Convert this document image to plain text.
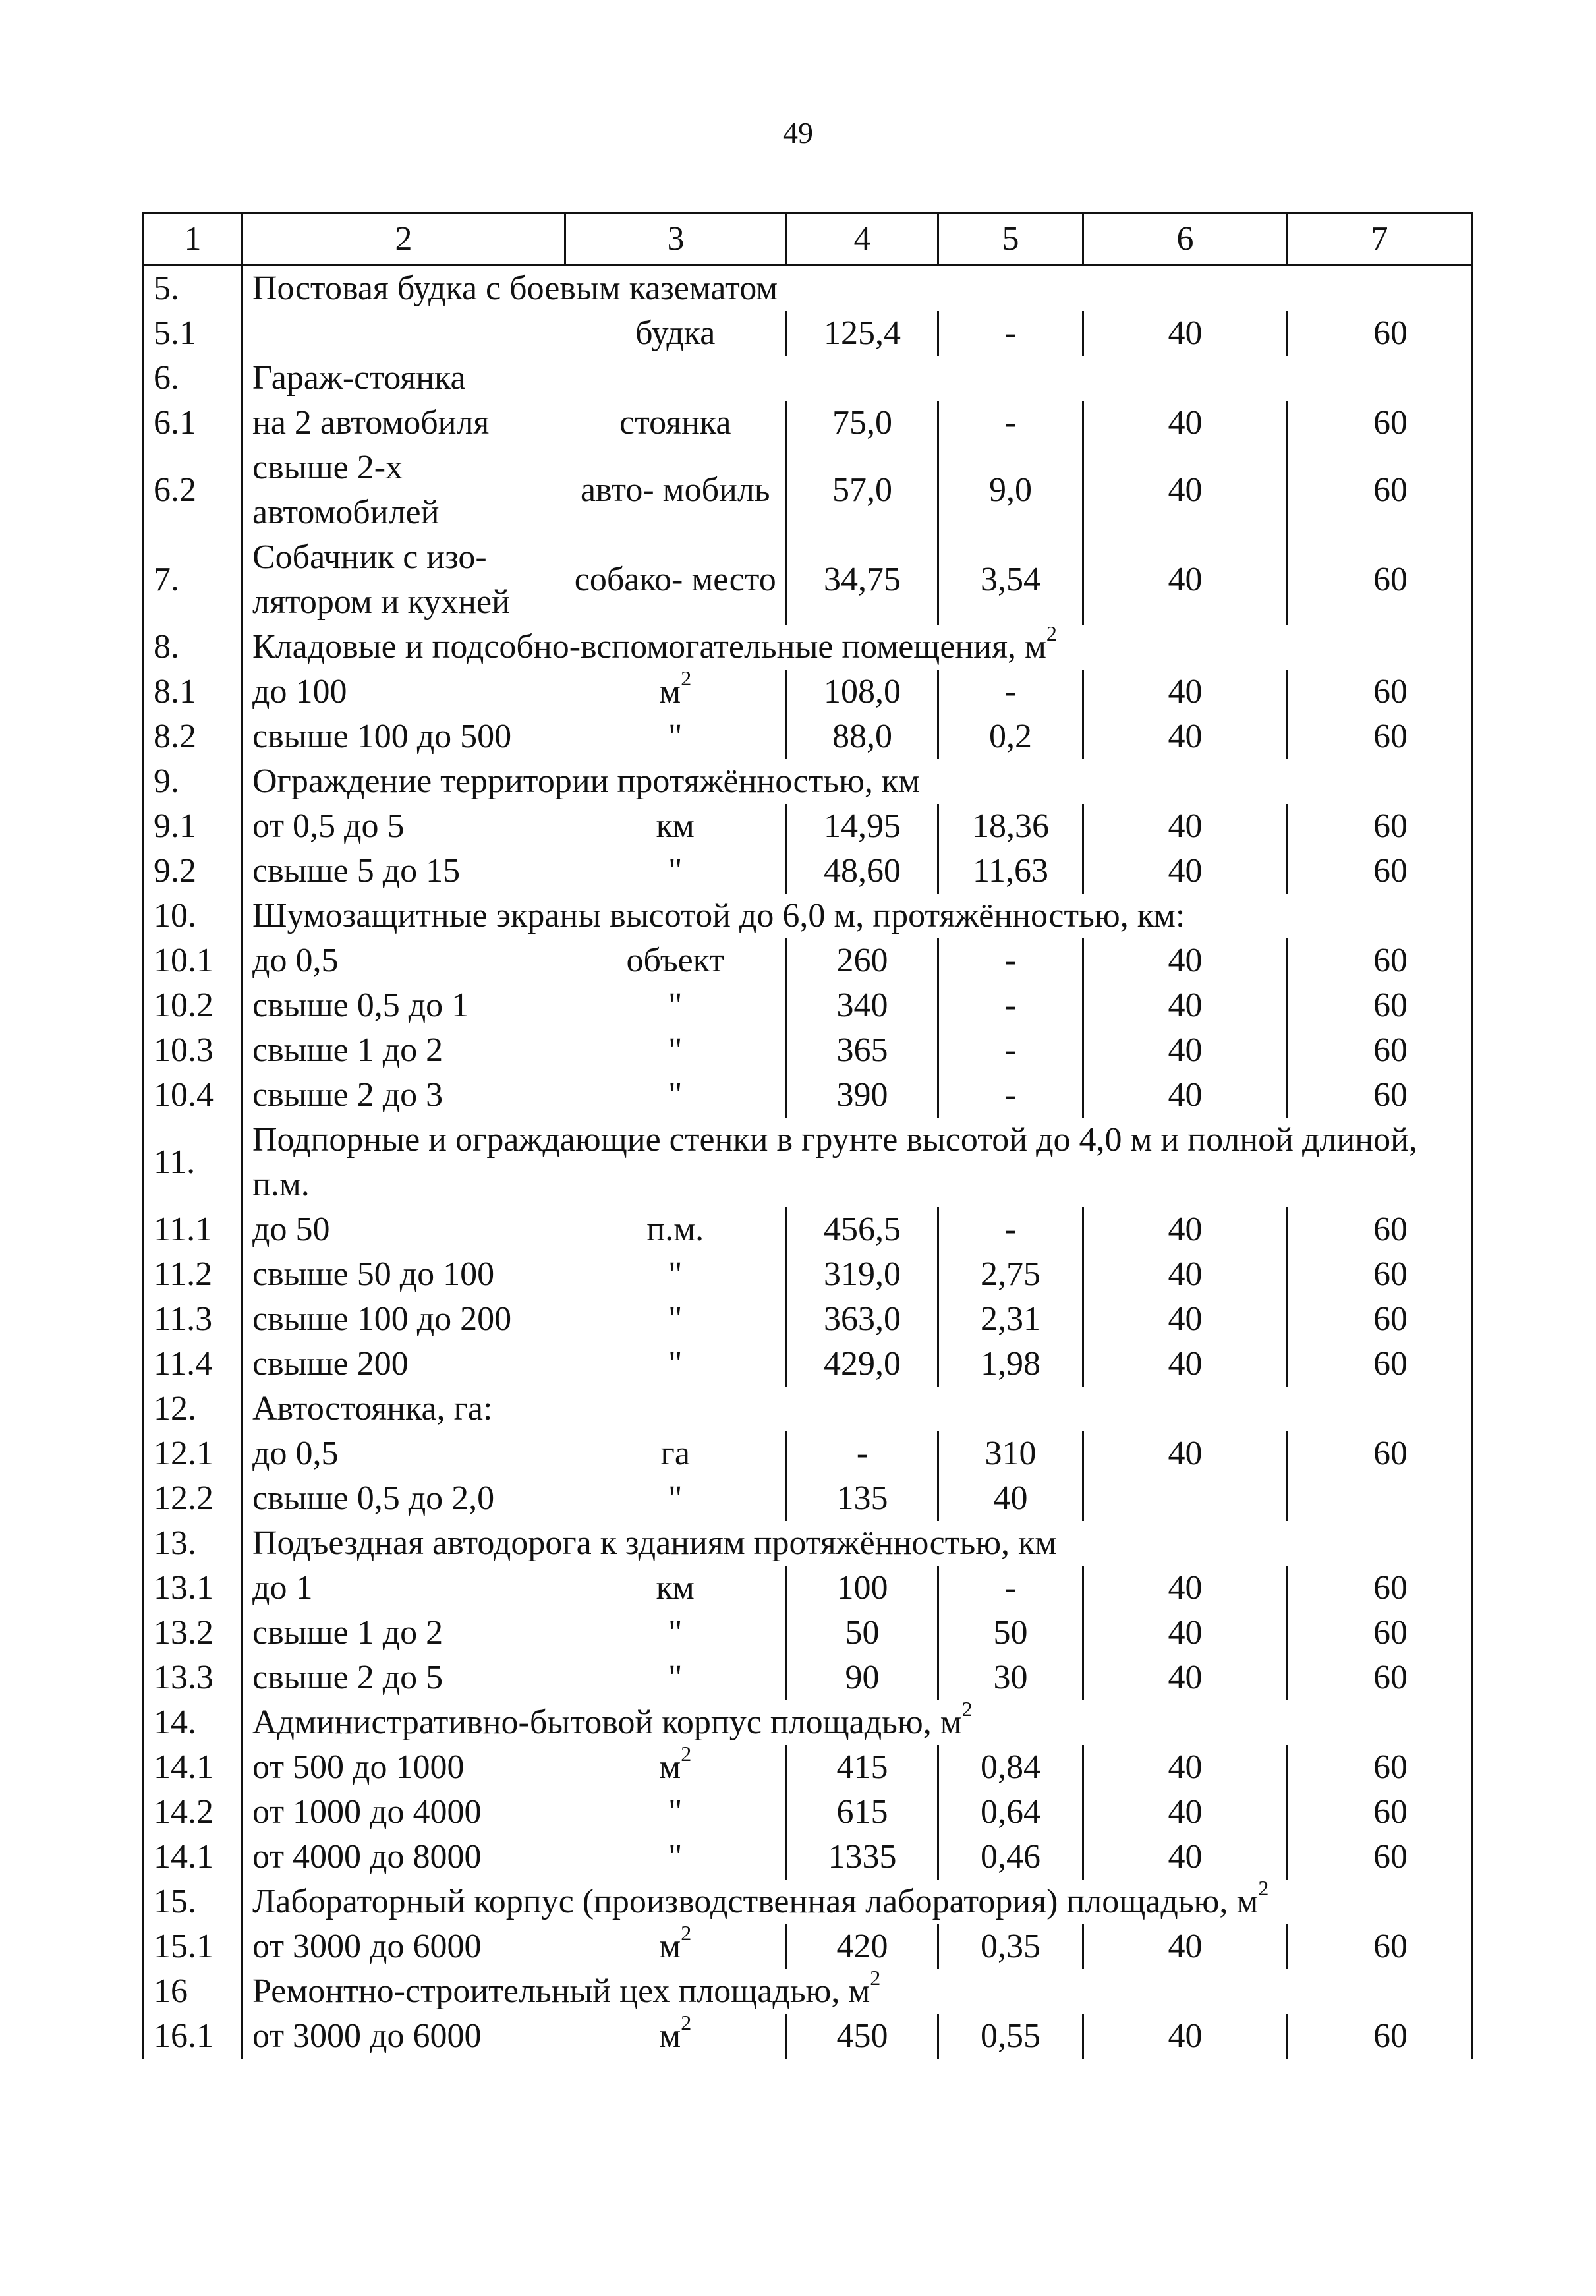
49
1	2	3	4	5	6	7
5.	Постовая будка с боевым казематом					
5.1		будка	125,4	-	40	60
6.	Гараж-стоянка					
6.1	на 2 автомобиля	стоянка	75,0	-	40	60
6.2	свыше 2-х автомобилей	авто- мобиль	57,0	9,0	40	60
7.	Собачник с изо- лятором и кухней	собако- место	34,75	3,54	40	60
8.	Кладовые и подсобно-вспомогательные помещения, $м^2$
8.1	до 100	$м^2$	108,0	-	40	60
8.2	свыше 100 до 500	"	88,0	0,2	40	60
9.	Ограждение территории протяжённостью, км					
9.1	от 0,5 до 5	км	14,95	18,36	40	60
9.2	свыше 5 до 15	"	48,60	11,63	40	60
10.	Шумозащитные экраны высотой до 6,0 м, протяжённостью, км:					
10.1	до 0,5	объект	260	-	40	60
10.2	свыше 0,5 до 1	"	340	-	40	60
10.3	свыше 1 до 2	"	365	-	40	60
10.4	свыше 2 до 3	"	390	-	40	60
11.	Подпорные и ограждающие стенки в грунте высотой до 4,0 м и полной длиной, п.м.					
11.1	до 50	п.м.	456,5	-	40	60
11.2	свыше 50 до 100	"	319,0	2,75	40	60
11.3	свыше 100 до 200	"	363,0	2,31	40	60
11.4	свыше 200	"	429,0	1,98	40	60
12.	Автостоянка, га:					
12.1	до 0,5	га	-	310	40	60
12.2	свыше 0,5 до 2,0	"	135	40		
13.	Подъездная автодорога к зданиям протяжённостью, км					
13.1	до 1	км	100	-	40	60
13.2	свыше 1 до 2	"	50	50	40	60
13.3	свыше 2 до 5	"	90	30	40	60
14.	Административно-бытовой корпус площадью, $м^2$
14.1	от 500 до 1000	$м^2$	415	0,84	40	60
14.2	от 1000 до 4000	"	615	0,64	40	60
14.1	от 4000 до 8000	"	1335	0,46	40	60
15.	Лабораторный корпус (производственная лаборатория) площадью, $м^2$
15.1	от 3000 до 6000	$м^2$	420	0,35	40	60
16	Ремонтно-строительный цех площадью, $м^2$
16.1	от 3000 до 6000	$м^2$	450	0,55	40	60
